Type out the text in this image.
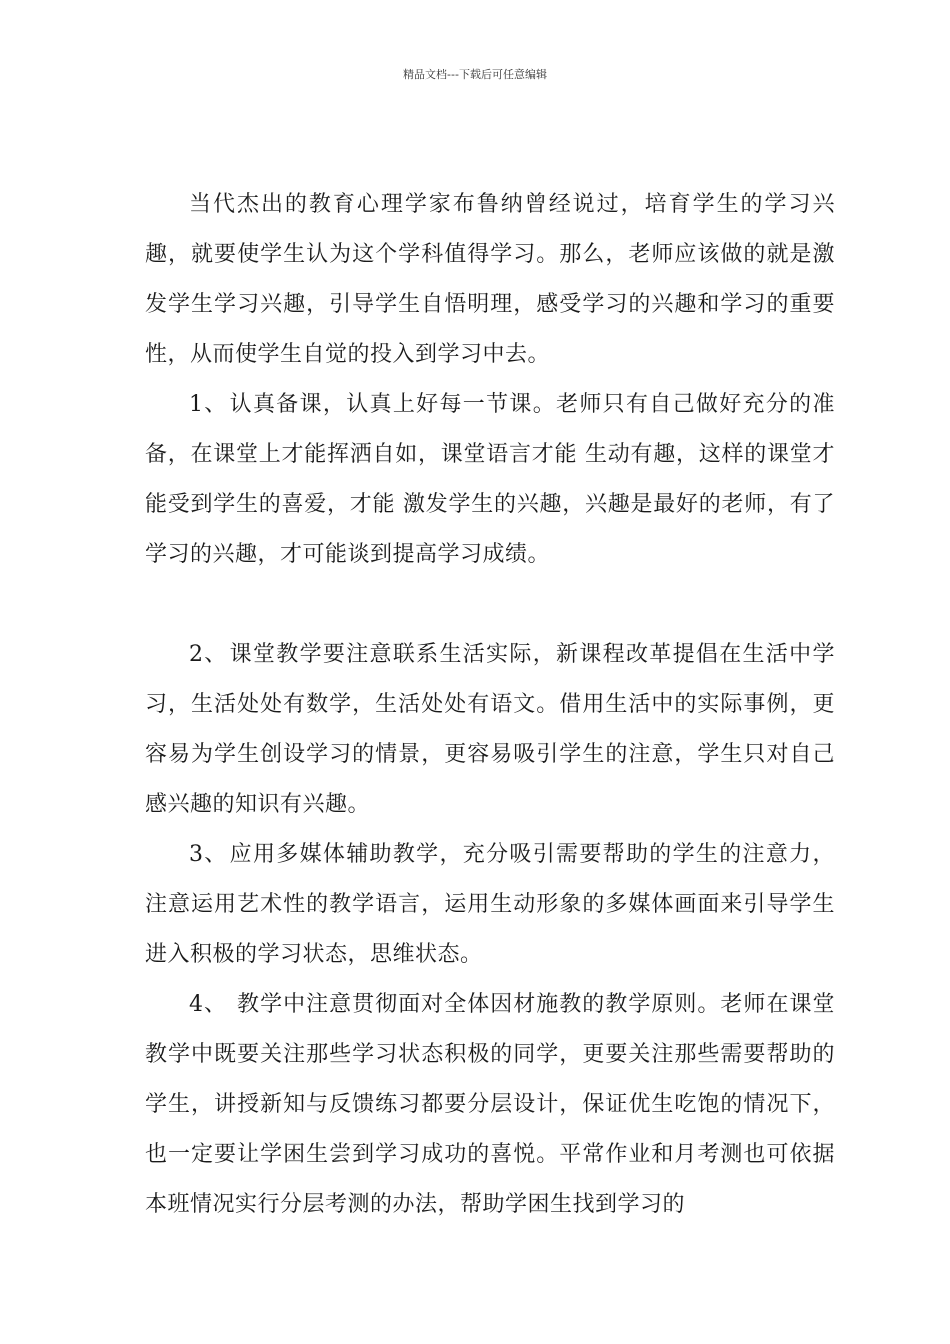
精品文档---下载后可任意编辑

当代杰出的教育心理学家布鲁纳曾经说过，培育学生的学习兴趣，就要使学生认为这个学科值得学习。那么，老师应该做的就是激发学生学习兴趣，引导学生自悟明理，感受学习的兴趣和学习的重要性，从而使学生自觉的投入到学习中去。

1、认真备课，认真上好每一节课。老师只有自己做好充分的准备，在课堂上才能挥洒自如，课堂语言才能 生动有趣，这样的课堂才能受到学生的喜爱，才能 激发学生的兴趣，兴趣是最好的老师，有了学习的兴趣，才可能谈到提高学习成绩。

2、课堂教学要注意联系生活实际，新课程改革提倡在生活中学习，生活处处有数学，生活处处有语文。借用生活中的实际事例，更容易为学生创设学习的情景，更容易吸引学生的注意，学生只对自己感兴趣的知识有兴趣。

3、应用多媒体辅助教学，充分吸引需要帮助的学生的注意力，注意运用艺术性的教学语言，运用生动形象的多媒体画面来引导学生进入积极的学习状态，思维状态。

4、 教学中注意贯彻面对全体因材施教的教学原则。老师在课堂教学中既要关注那些学习状态积极的同学，更要关注那些需要帮助的学生，讲授新知与反馈练习都要分层设计，保证优生吃饱的情况下，也一定要让学困生尝到学习成功的喜悦。平常作业和月考测也可依据本班情况实行分层考测的办法，帮助学困生找到学习的
